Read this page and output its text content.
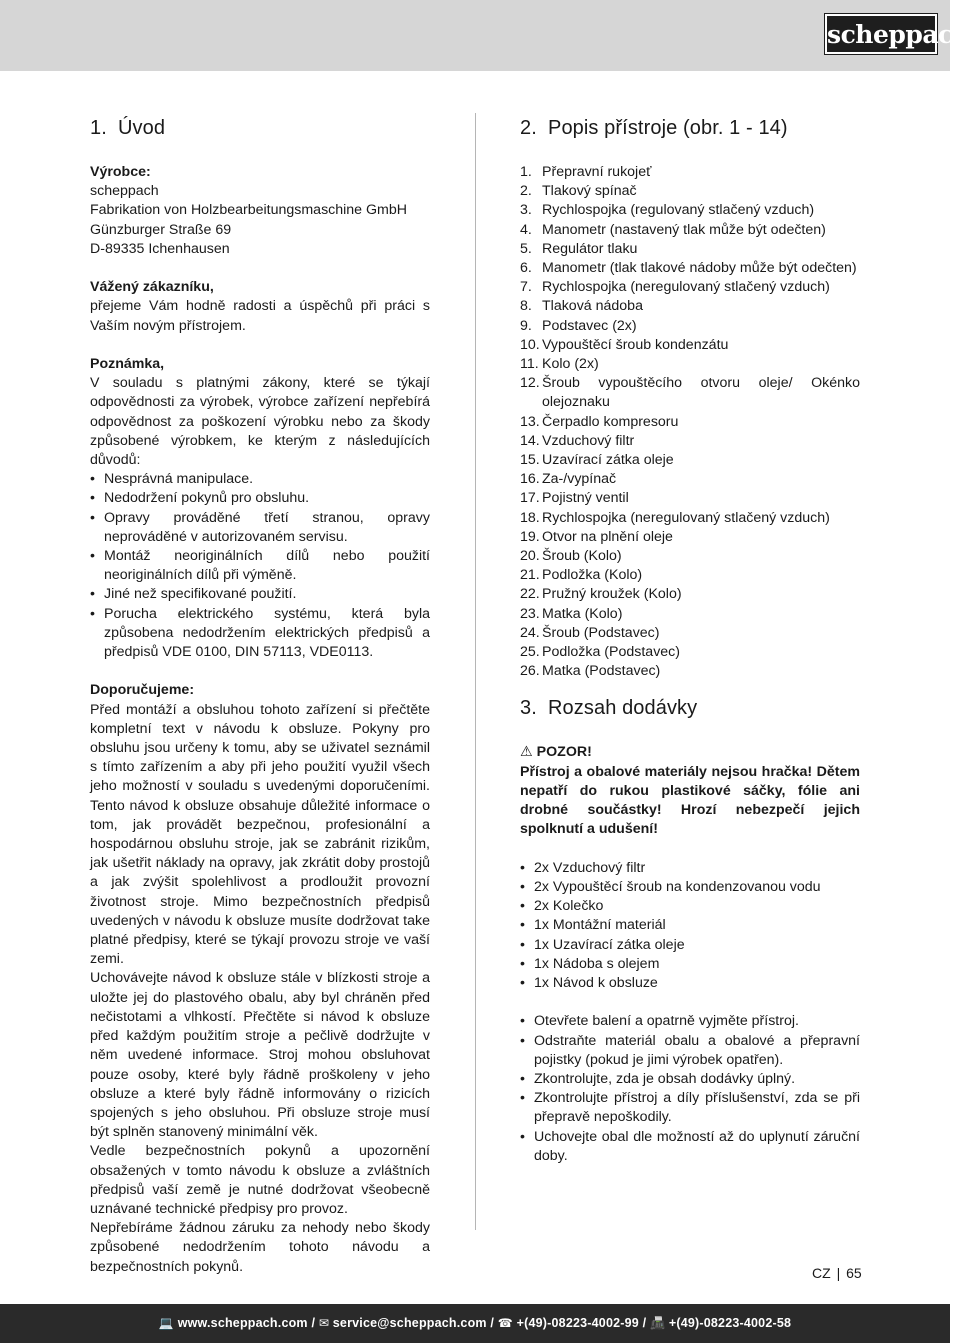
scheppach
1. Úvod
Výrobce:
scheppach
Fabrikation von Holzbearbeitungsmaschine GmbH
Günzburger Straße 69
D-89335 Ichenhausen
Vážený zákazníku,

přejeme Vám hodně radosti a úspěchů při práci s Vaším novým přístrojem.

Poznámka,

V souladu s platnými zákony, které se týkají odpovědnosti za výrobek, výrobce zařízení nepřebírá odpovědnost za poškození výrobku nebo za škody způsobené výrobkem, ke kterým z následujících důvodů:

• Nesprávná manipulace.
• Nedodržení pokynů pro obsluhu.
• Opravy prováděné třetí stranou, opravy neprováděné v autorizovaném servisu.
• Montáž neoriginálních dílů nebo použití neoriginálních dílů při výměně.
• Jiné než specifikované použití.
• Porucha elektrického systému, která byla způsobena nedodržením elektrických předpisů a předpisů VDE 0100, DIN 57113, VDE0113.
Doporučujeme:

Před montáží a obsluhou tohoto zařízení si přečtěte kompletní text v návodu k obsluze. Pokyny pro obsluhu jsou určeny k tomu, aby se uživatel seznámil s tímto zařízením a aby při jeho použití využil všech jeho možností v souladu s uvedenými doporučeními. Tento návod k obsluze obsahuje důležité informace o tom, jak provádět bezpečnou, profesionální a hospodárnou obsluhu stroje, jak se zabránit rizikům, jak ušetřit náklady na opravy, jak zkrátit doby prostojů a jak zvýšit spolehlivost a prodloužit provozní životnost stroje. Mimo bezpečnostních předpisů uvedených v návodu k obsluze musíte dodržovat take platné předpisy, které se týkají provozu stroje ve vaší zemi.

Uchovávejte návod k obsluze stále v blízkosti stroje a uložte jej do plastového obalu, aby byl chráněn před nečistotami a vlhkostí. Přečtěte si návod k obsluze před každým použitím stroje a pečlivě dodržujte v něm uvedené informace. Stroj mohou obsluhovat pouze osoby, které byly řádně proškoleny v jeho obsluze a které byly řádně informovány o rizicích spojených s jeho obsluhou. Při obsluze stroje musí být splněn stanovený minimální věk.

Vedle bezpečnostních pokynů a upozornění obsažených v tomto návodu k obsluze a zvláštních předpisů vaší země je nutné dodržovat všeobecně uznávané technické předpisy pro provoz.

Nepřebíráme žádnou záruku za nehody nebo škody způsobené nedodržením tohoto návodu a bezpečnostních pokynů.

2. Popis přístroje (obr. 1 - 14)
1. Přepravní rukojeť
2. Tlakový spínač
3. Rychlospojka (regulovaný stlačený vzduch)
4. Manometr (nastavený tlak může být odečten)
5. Regulátor tlaku
6. Manometr (tlak tlakové nádoby může být odečten)
7. Rychlospojka (neregulovaný stlačený vzduch)
8. Tlaková nádoba
9. Podstavec (2x)
10. Vypouštěcí šroub kondenzátu
11. Kolo (2x)
12. Šroub vypouštěcího otvoru oleje/ Okénko olejoznaku
13. Čerpadlo kompresoru
14. Vzduchový filtr
15. Uzavírací zátka oleje
16. Za-/vypínač
17. Pojistný ventil
18. Rychlospojka (neregulovaný stlačený vzduch)
19. Otvor na plnění oleje
20. Šroub (Kolo)
21. Podložka (Kolo)
22. Pružný kroužek (Kolo)
23. Matka (Kolo)
24. Šroub (Podstavec)
25. Podložka (Podstavec)
26. Matka (Podstavec)
3. Rozsah dodávky
⚠ POZOR!

Přístroj a obalové materiály nejsou hračka! Dětem nepatří do rukou plastikové sáčky, fólie ani drobné součástky! Hrozí nebezpečí jejich spolknutí a udušení!

• 2x Vzduchový filtr
• 2x Vypouštěcí šroub na kondenzovanou vodu
• 2x Kolečko
• 1x Montážní materiál
• 1x Uzavírací zátka oleje
• 1x Nádoba s olejem
• 1x Návod k obsluze
• Otevřete balení a opatrně vyjměte přístroj.
• Odstraňte materiál obalu a obalové a přepravní pojistky (pokud je jimi výrobek opatřen).
• Zkontrolujte, zda je obsah dodávky úplný.
• Zkontrolujte přístroj a díly příslušenství, zda se při přepravě nepoškodily.
• Uchovejte obal dle možností až do uplynutí záruční doby.
CZ | 65
💻 www.scheppach.com / ✉ service@scheppach.com / ☎ +(49)-08223-4002-99 / 📠 +(49)-08223-4002-58
